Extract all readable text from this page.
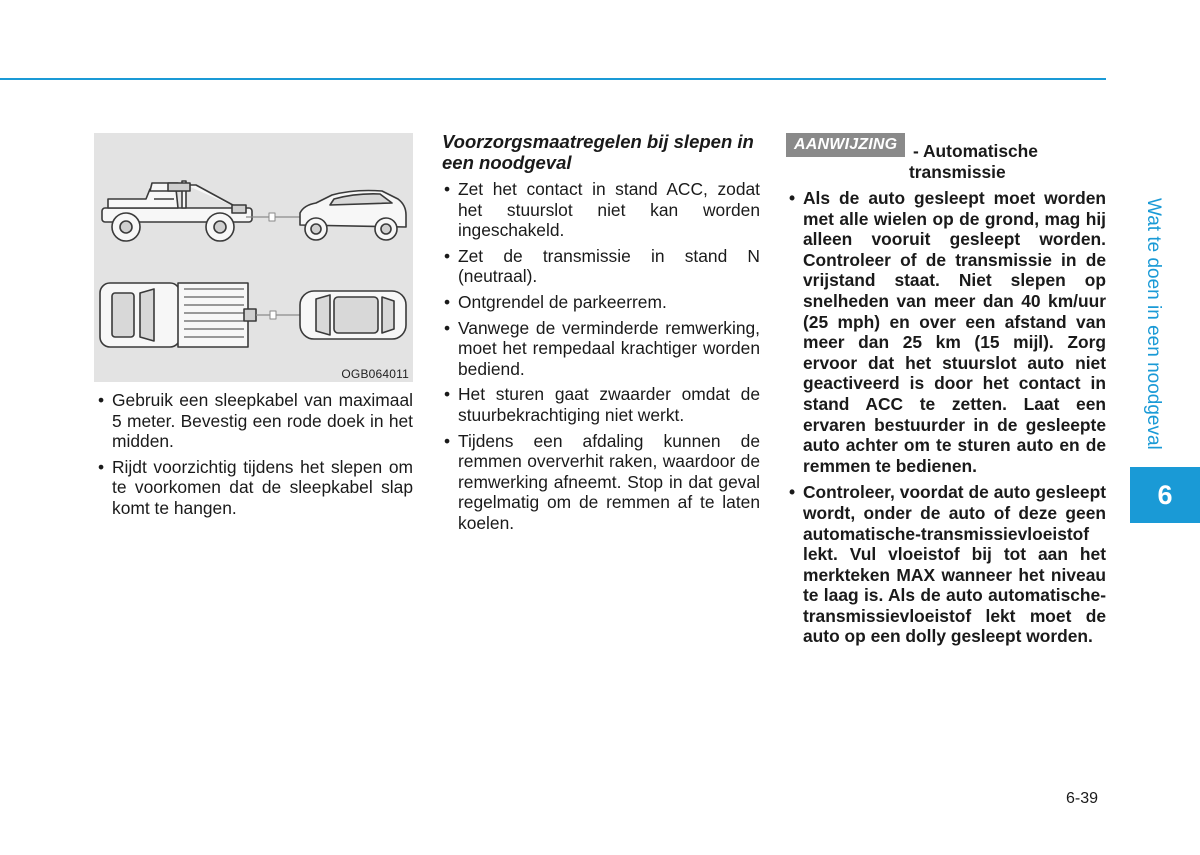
OGB064011
• Gebruik een sleepkabel van maximaal 5 meter. Bevestig een rode doek in het midden.
• Rijdt voorzichtig tijdens het slepen om te voorkomen dat de sleepkabel slap komt te hangen.
Voorzorgsmaatregelen bij slepen in een noodgeval
• Zet het contact in stand ACC, zodat het stuurslot niet kan worden ingeschakeld.
• Zet de transmissie in stand N (neutraal).
• Ontgrendel de parkeerrem.
• Vanwege de verminderde remwerking, moet het rempedaal krachtiger worden bediend.
• Het sturen gaat zwaarder omdat de stuurbekrachtiging niet werkt.
• Tijdens een afdaling kunnen de remmen oververhit raken, waardoor de remwerking afneemt. Stop in dat geval regelmatig om de remmen af te laten koelen.
AANWIJZING - Automatische
transmissie
• Als de auto gesleept moet worden met alle wielen op de grond, mag hij alleen vooruit gesleept worden. Controleer of de transmissie in de vrijstand staat. Niet slepen op snelheden van meer dan 40 km/uur (25 mph) en over een afstand van meer dan 25 km (15 mijl). Zorg ervoor dat het stuurslot auto niet geactiveerd is door het contact in stand ACC te zetten. Laat een ervaren bestuurder in de gesleepte auto achter om te sturen auto en de remmen te bedienen.
• Controleer, voordat de auto gesleept wordt, onder de auto of deze geen automatische-transmissievloeistof lekt. Vul vloeistof bij tot aan het merkteken MAX wanneer het niveau te laag is. Als de auto automatische-transmissievloeistof lekt moet de auto op een dolly gesleept worden.
Wat te doen in een noodgeval
6
6-39
